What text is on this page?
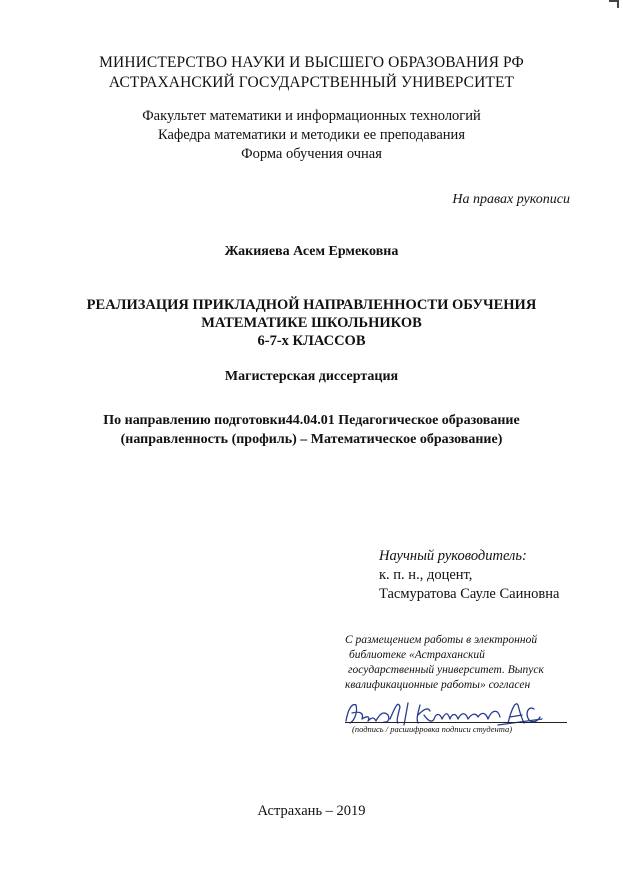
МИНИСТЕРСТВО НАУКИ И ВЫСШЕГО ОБРАЗОВАНИЯ РФ
АСТРАХАНСКИЙ ГОСУДАРСТВЕННЫЙ УНИВЕРСИТЕТ
Факультет математики и информационных технологий
Кафедра математики и методики ее преподавания
Форма обучения очная
На правах рукописи
Жакияева Асем Ермековна
РЕАЛИЗАЦИЯ ПРИКЛАДНОЙ НАПРАВЛЕННОСТИ ОБУЧЕНИЯ
МАТЕМАТИКЕ ШКОЛЬНИКОВ
6-7-х КЛАССОВ
Магистерская диссертация
По направлению подготовки44.04.01 Педагогическое образование
(направленность (профиль) – Математическое образование)
Научный руководитель:
к. п. н., доцент,
Тасмуратова Сауле Саиновна
С размещением работы в электронной
библиотеке «Астраханский
государственный университет. Выпуск
квалификационные работы» согласен
(подпись / расшифровка подписи студента)
Астрахань – 2019
